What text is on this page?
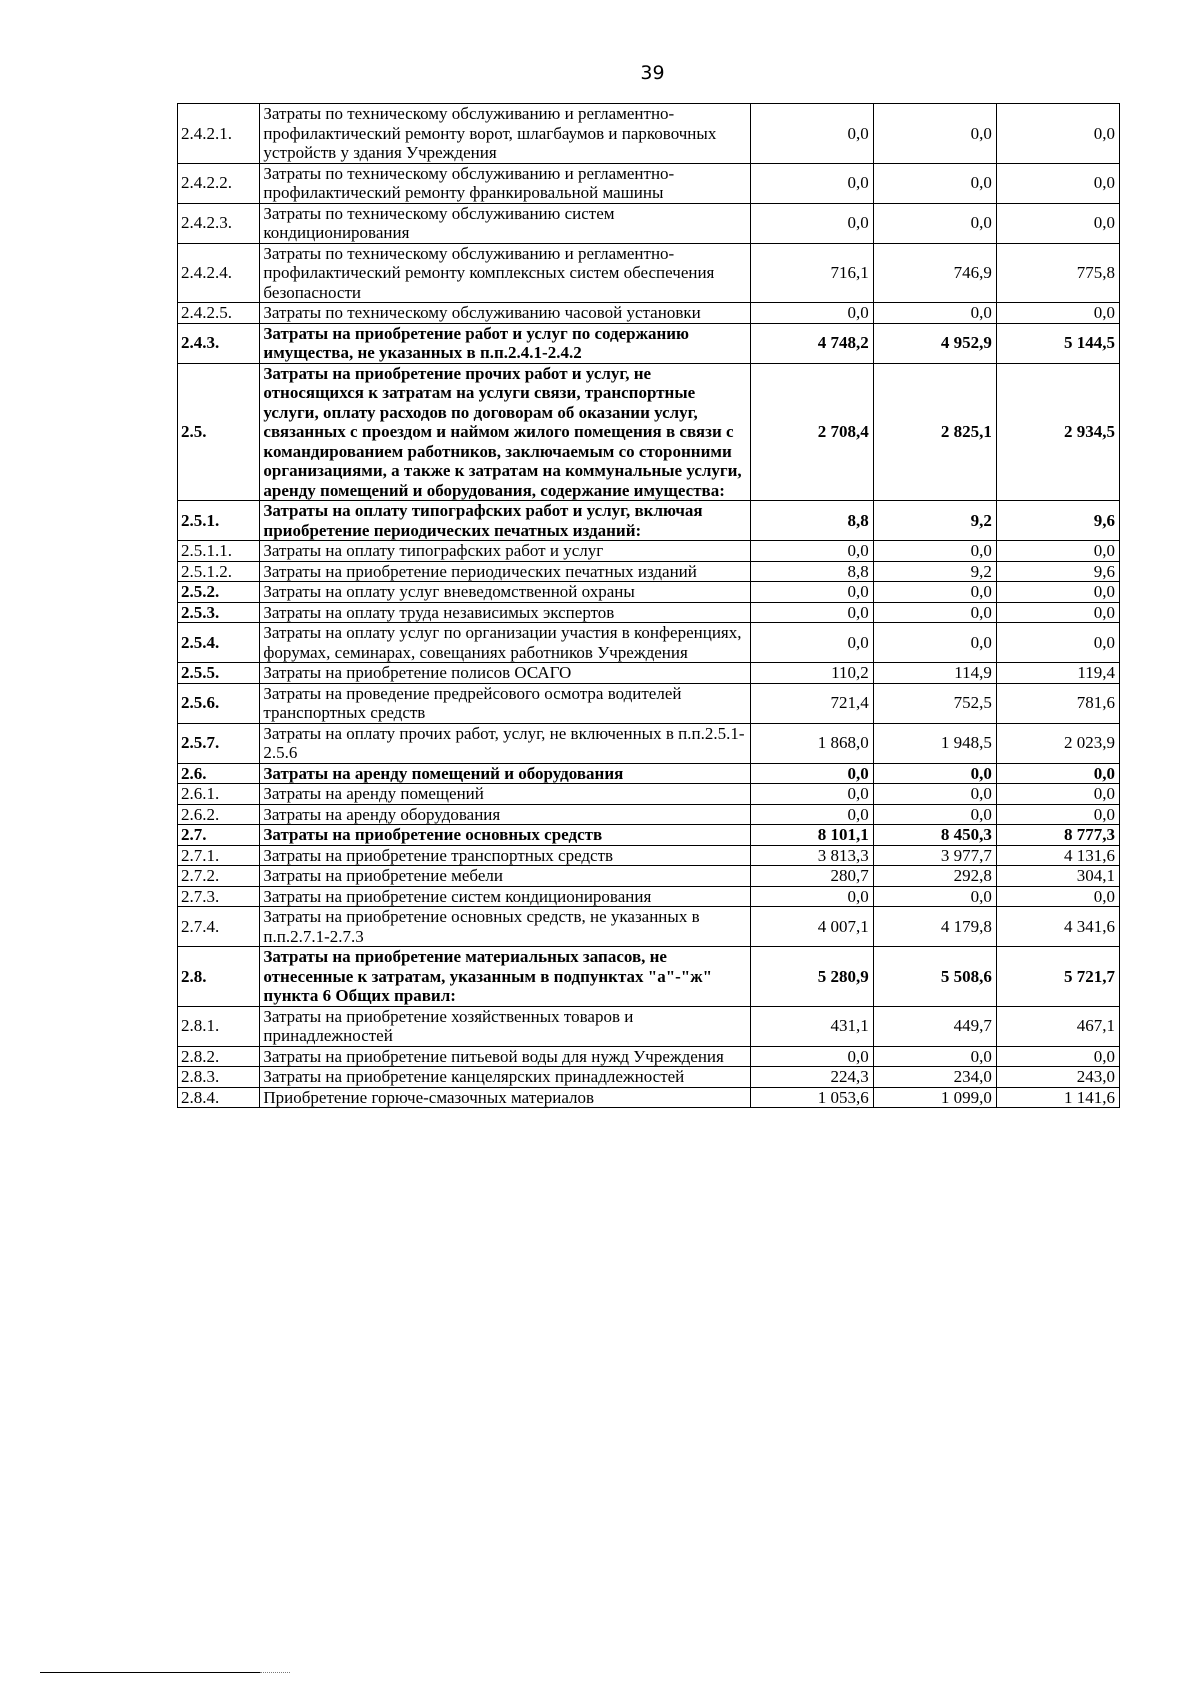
39
2.4.2.1.	Затраты по техническому обслуживанию и регламентно-профилактический ремонту ворот, шлагбаумов и парковочных устройств у здания Учреждения	0,0	0,0	0,0
2.4.2.2.	Затраты по техническому обслуживанию и регламентно-профилактический ремонту франкировальной машины	0,0	0,0	0,0
2.4.2.3.	Затраты по техническому обслуживанию систем кондиционирования	0,0	0,0	0,0
2.4.2.4.	Затраты по техническому обслуживанию и регламентно-профилактический ремонту комплексных систем обеспечения безопасности	716,1	746,9	775,8
2.4.2.5.	Затраты по техническому обслуживанию часовой установки	0,0	0,0	0,0
2.4.3.	Затраты на приобретение работ и услуг по содержанию имущества, не указанных в п.п.2.4.1-2.4.2	4 748,2	4 952,9	5 144,5
2.5.	Затраты на приобретение прочих работ и услуг, не относящихся к затратам на услуги связи, транспортные услуги, оплату расходов по договорам об оказании услуг, связанных с проездом и наймом жилого помещения в связи с командированием работников, заключаемым со сторонними организациями, а также к затратам на коммунальные услуги, аренду помещений и оборудования, содержание имущества:	2 708,4	2 825,1	2 934,5
2.5.1.	Затраты на оплату типографских работ и услуг, включая приобретение периодических печатных изданий:	8,8	9,2	9,6
2.5.1.1.	Затраты на оплату типографских работ и услуг	0,0	0,0	0,0
2.5.1.2.	Затраты на приобретение периодических печатных изданий	8,8	9,2	9,6
2.5.2.	Затраты на оплату услуг вневедомственной охраны	0,0	0,0	0,0
2.5.3.	Затраты на оплату труда независимых экспертов	0,0	0,0	0,0
2.5.4.	Затраты на оплату услуг по организации участия в конференциях, форумах, семинарах, совещаниях работников Учреждения	0,0	0,0	0,0
2.5.5.	Затраты на приобретение полисов ОСАГО	110,2	114,9	119,4
2.5.6.	Затраты на проведение предрейсового осмотра водителей транспортных средств	721,4	752,5	781,6
2.5.7.	Затраты на оплату прочих работ, услуг, не включенных в п.п.2.5.1-2.5.6	1 868,0	1 948,5	2 023,9
2.6.	Затраты на аренду помещений и оборудования	0,0	0,0	0,0
2.6.1.	Затраты на аренду помещений	0,0	0,0	0,0
2.6.2.	Затраты на аренду оборудования	0,0	0,0	0,0
2.7.	Затраты на приобретение основных средств	8 101,1	8 450,3	8 777,3
2.7.1.	Затраты на приобретение транспортных средств	3 813,3	3 977,7	4 131,6
2.7.2.	Затраты на приобретение мебели	280,7	292,8	304,1
2.7.3.	Затраты на приобретение систем кондиционирования	0,0	0,0	0,0
2.7.4.	Затраты на приобретение основных средств, не указанных в п.п.2.7.1-2.7.3	4 007,1	4 179,8	4 341,6
2.8.	Затраты на приобретение материальных запасов, не отнесенные к затратам, указанным в подпунктах "а"-"ж" пункта 6 Общих правил:	5 280,9	5 508,6	5 721,7
2.8.1.	Затраты на приобретение хозяйственных товаров и принадлежностей	431,1	449,7	467,1
2.8.2.	Затраты на приобретение питьевой воды для нужд Учреждения	0,0	0,0	0,0
2.8.3.	Затраты на приобретение канцелярских принадлежностей	224,3	234,0	243,0
2.8.4.	Приобретение горюче-смазочных материалов	1 053,6	1 099,0	1 141,6
